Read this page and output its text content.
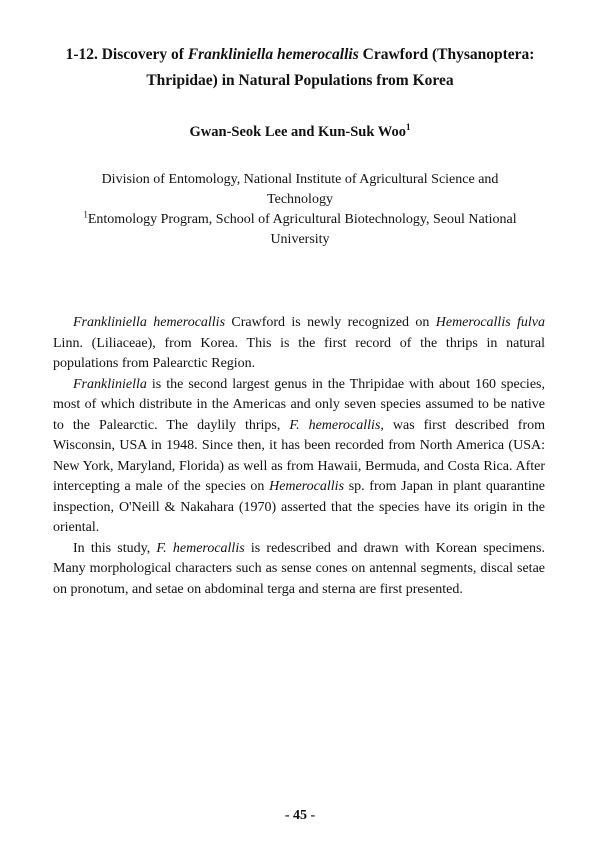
1-12. Discovery of Frankliniella hemerocallis Crawford (Thysanoptera: Thripidae) in Natural Populations from Korea
Gwan-Seok Lee and Kun-Suk Woo$^1$

Division of Entomology, National Institute of Agricultural Science and Technology

$^1$Entomology Program, School of Agricultural Biotechnology, Seoul National University

Frankliniella hemerocallis Crawford is newly recognized on Hemerocallis fulva Linn. (Liliaceae), from Korea. This is the first record of the thrips in natural populations from Palearctic Region.

Frankliniella is the second largest genus in the Thripidae with about 160 species, most of which distribute in the Americas and only seven species assumed to be native to the Palearctic. The daylily thrips, F. hemerocallis, was first described from Wisconsin, USA in 1948. Since then, it has been recorded from North America (USA: New York, Maryland, Florida) as well as from Hawaii, Bermuda, and Costa Rica. After intercepting a male of the species on Hemerocallis sp. from Japan in plant quarantine inspection, O'Neill & Nakahara (1970) asserted that the species have its origin in the oriental.

In this study, F. hemerocallis is redescribed and drawn with Korean specimens. Many morphological characters such as sense cones on antennal segments, discal setae on pronotum, and setae on abdominal terga and sterna are first presented.

- 45 -
